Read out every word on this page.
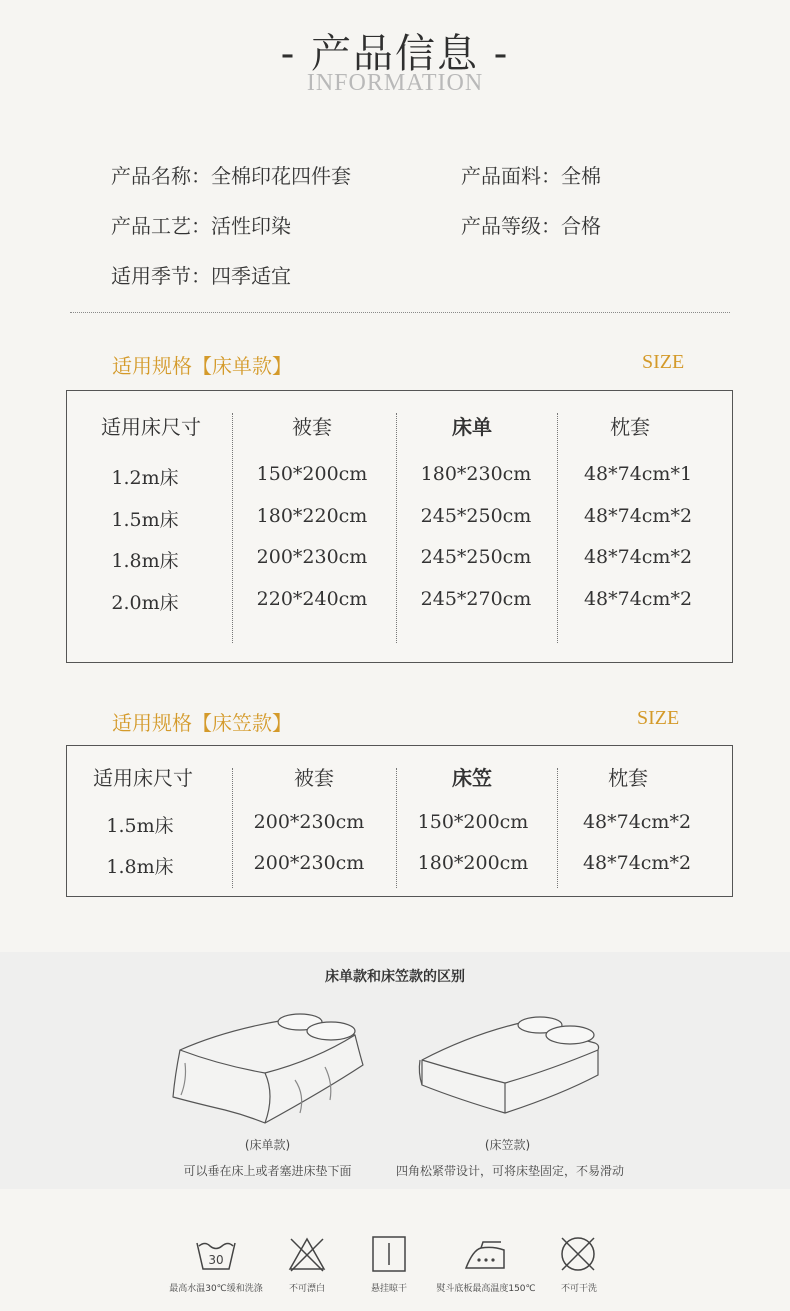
- 产品信息 -
INFORMATION
产品名称：全棉印花四件套	产品面料：全棉
产品工艺：活性印染	产品等级：合格
适用季节：四季适宜
适用规格【床单款】	SIZE
适用床尺寸	被套	床单	枕套
1.2m床	150*200cm	180*230cm	48*74cm*1
1.5m床	180*220cm	245*250cm	48*74cm*2
1.8m床	200*230cm	245*250cm	48*74cm*2
2.0m床	220*240cm	245*270cm	48*74cm*2
适用规格【床笠款】	SIZE
适用床尺寸	被套	床笠	枕套
1.5m床	200*230cm	150*200cm	48*74cm*2
1.8m床	200*230cm	180*200cm	48*74cm*2
床单款和床笠款的区别
(床单款)
可以垂在床上或者塞进床垫下面
(床笠款)
四角松紧带设计，可将床垫固定，不易滑动
30
最高水温30℃缓和洗涤	不可漂白	悬挂晾干	熨斗底板最高温度150℃	不可干洗
